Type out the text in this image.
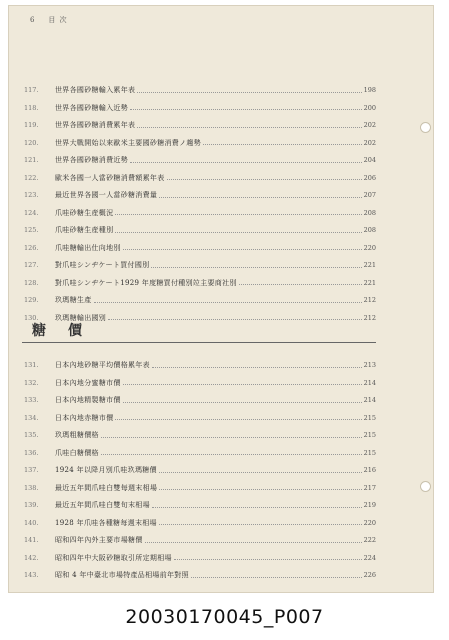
6 目 次
117.	世界各國砂糖輸入累年表	198
118.	世界各國砂糖輸入近勢	200
119.	世界各國砂糖消費累年表	202
120.	世界大戰開始以來歐米主要國砂糖消費ノ趨勢	202
121.	世界各國砂糖消費近勢	204
122.	歐米各國一人當砂糖消費額累年表	206
123.	最近世界各國一人當砂糖消費量	207
124.	爪哇砂糖生産概況	208
125.	爪哇砂糖生産種別	208
126.	爪哇糖輸出仕向地別	220
127.	對爪哇シンヂケート買付國別	221
128.	對爪哇シンヂケート1929 年度糖買付種別竝主要商社別	221
129.	玖瑪糖生產	212
130.	玖瑪糖輸出國別	212
糖價
131.	日本內地砂糖平均價格累年表	213
132.	日本內地分蜜糖市價	214
133.	日本內地精製糖市價	214
134.	日本內地赤糖市價	215
135.	玖瑪粗糖價格	215
136.	爪哇白糖價格	215
137.	1924 年以降月別爪哇玖瑪糖價	216
138.	最近五年間爪哇白雙每週末相場	217
139.	最近五年間爪哇白雙旬末相場	219
140.	1928 年爪哇各種糖每週末相場	220
141.	昭和四年內外主要市場糖價	222
142.	昭和四年中大阪砂糖取引所定期相場	224
143.	昭和 4 年中臺北市場特產品相場前年對照	226
20030170045_P007
